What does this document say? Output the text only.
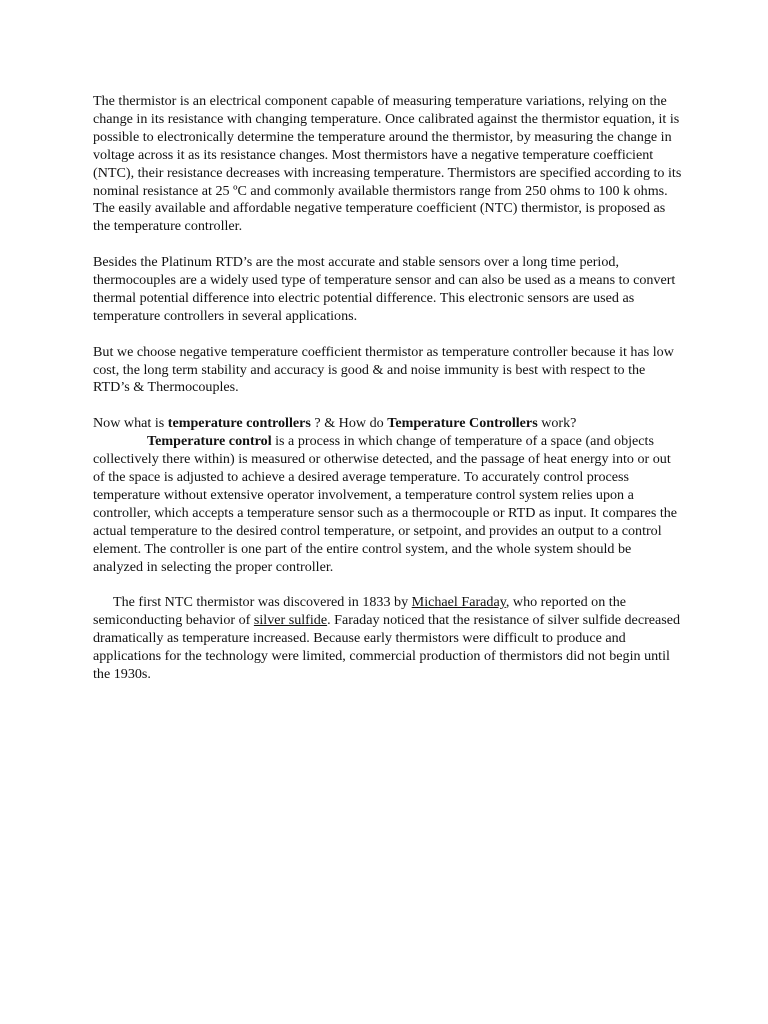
The thermistor is an electrical component capable of measuring temperature variations, relying on the change in its resistance with changing temperature. Once calibrated against the thermistor equation, it is possible to electronically determine the temperature around the thermistor, by measuring the change in voltage across it as its resistance changes. Most thermistors have a negative temperature coefficient (NTC), their resistance decreases with increasing temperature. Thermistors are specified according to its nominal resistance at 25 ºC and commonly available thermistors range from 250 ohms to 100 k ohms. The easily available and affordable negative temperature coefficient (NTC) thermistor, is proposed as the temperature controller.

Besides the Platinum RTD’s are the most accurate and stable sensors over a long time period, thermocouples are a widely used type of temperature sensor and can also be used as a means to convert thermal potential difference into electric potential difference. This electronic sensors are used as temperature controllers in several applications.

But we choose negative temperature coefficient thermistor as temperature controller because it has low cost, the long term stability and accuracy is good & and noise immunity is best with respect to the RTD’s & Thermocouples.

Now what is temperature controllers ? & How do Temperature Controllers work?

Temperature control is a process in which change of temperature of a space (and objects collectively there within) is measured or otherwise detected, and the passage of heat energy into or out of the space is adjusted to achieve a desired average temperature. To accurately control process temperature without extensive operator involvement, a temperature control system relies upon a controller, which accepts a temperature sensor such as a thermocouple or RTD as input. It compares the actual temperature to the desired control temperature, or setpoint, and provides an output to a control element. The controller is one part of the entire control system, and the whole system should be analyzed in selecting the proper controller.

The first NTC thermistor was discovered in 1833 by Michael Faraday, who reported on the semiconducting behavior of silver sulfide. Faraday noticed that the resistance of silver sulfide decreased dramatically as temperature increased. Because early thermistors were difficult to produce and applications for the technology were limited, commercial production of thermistors did not begin until the 1930s.
